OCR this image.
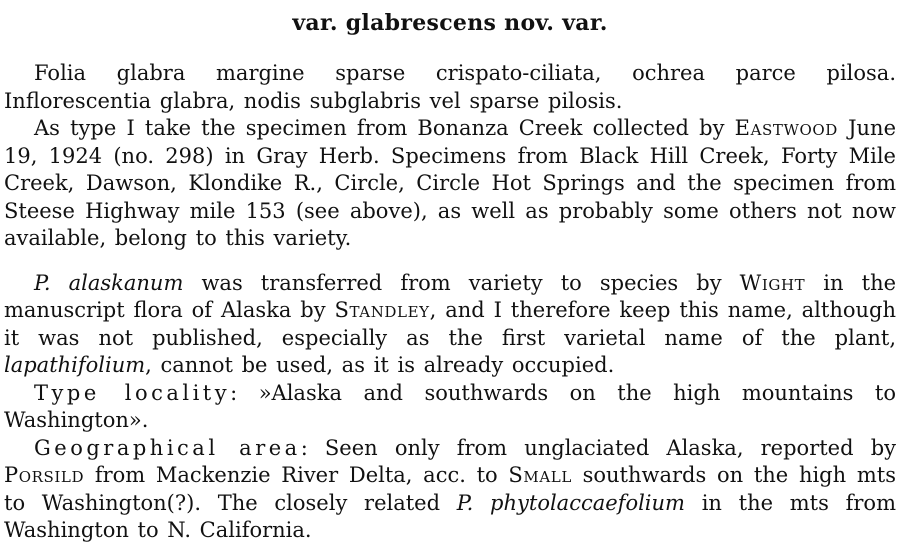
var. glabrescens nov. var.

Folia glabra margine sparse crispato-ciliata, ochrea parce pilosa. Inflorescentia glabra, nodis subglabris vel sparse pilosis.

As type I take the specimen from Bonanza Creek collected by Eastwood June 19, 1924 (no. 298) in Gray Herb. Specimens from Black Hill Creek, Forty Mile Creek, Dawson, Klondike R., Circle, Circle Hot Springs and the specimen from Steese Highway mile 153 (see above), as well as probably some others not now available, belong to this variety.

P. alaskanum was transferred from variety to species by Wight in the manuscript flora of Alaska by Standley, and I therefore keep this name, although it was not published, especially as the first varietal name of the plant, lapathifolium, cannot be used, as it is already occupied.

Type locality: »Alaska and southwards on the high mountains to Washington».

Geographical area: Seen only from unglaciated Alaska, reported by Porsild from Mackenzie River Delta, acc. to Small southwards on the high mts to Washington(?). The closely related P. phytolaccaefolium in the mts from Washington to N. California.
